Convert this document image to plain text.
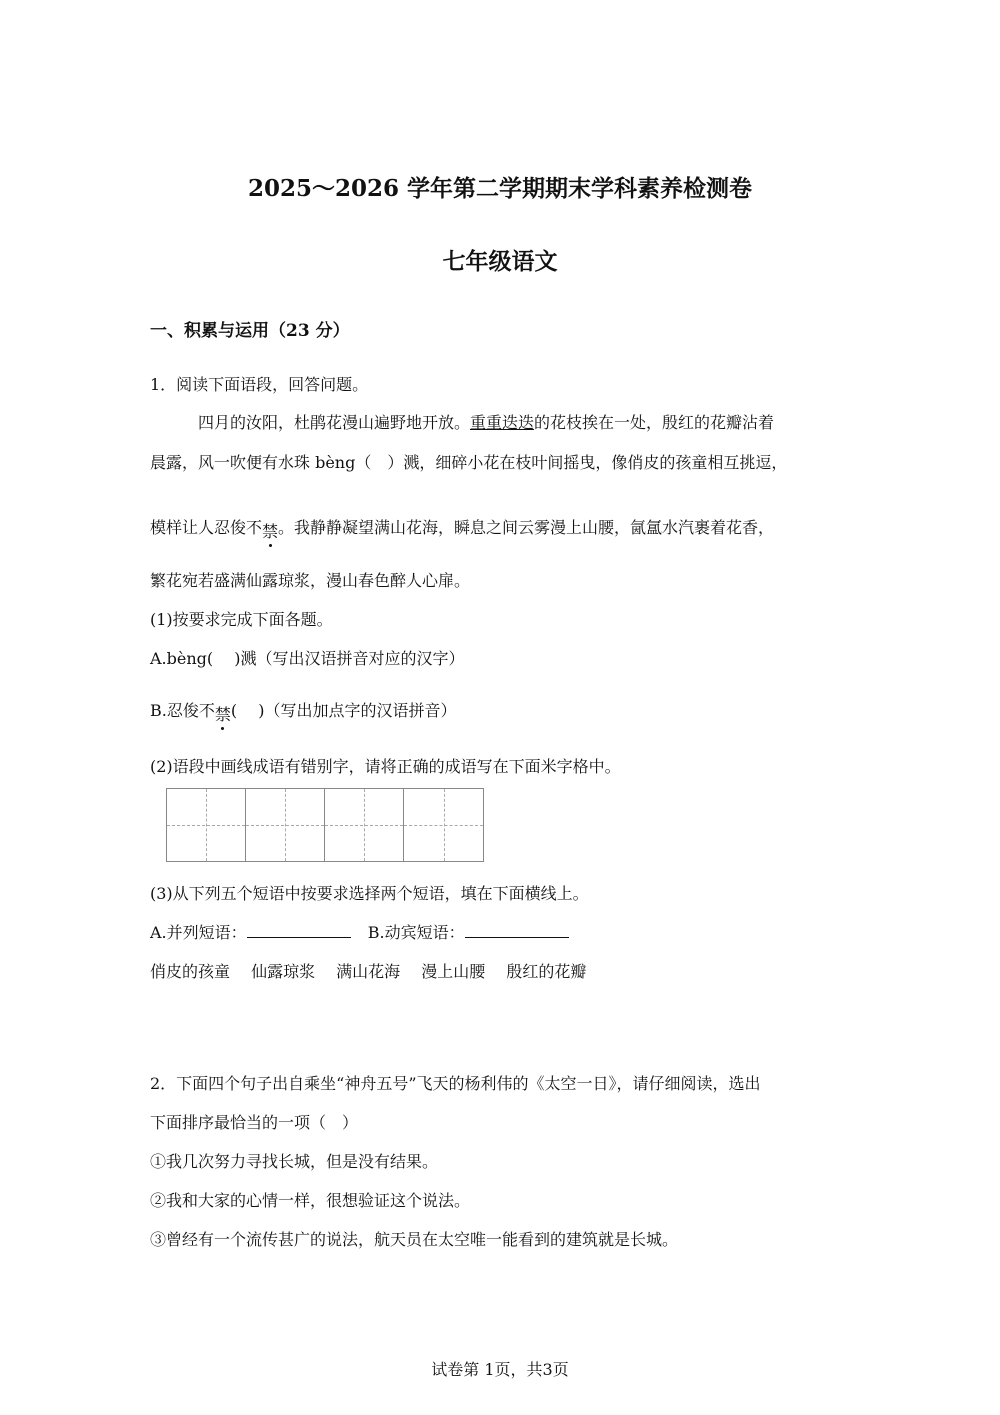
2025～2026 学年第二学期期末学科素养检测卷
七年级语文
一、积累与运用（23 分）
1．阅读下面语段，回答问题。
四月的汝阳，杜鹃花漫山遍野地开放。重重迭迭的花枝挨在一处，殷红的花瓣沾着
晨露，风一吹便有水珠 bèng（　）溅，细碎小花在枝叶间摇曳，像俏皮的孩童相互挑逗，
模样让人忍俊不禁。我静静凝望满山花海，瞬息之间云雾漫上山腰，氤氲水汽裹着花香，
繁花宛若盛满仙露琼浆，漫山春色醉人心扉。
(1)按要求完成下面各题。
A.bèng(　 )溅（写出汉语拼音对应的汉字）
B.忍俊不禁(　 )（写出加点字的汉语拼音）
(2)语段中画线成语有错别字，请将正确的成语写在下面米字格中。
(3)从下列五个短语中按要求选择两个短语，填在下面横线上。
A.并列短语：	B.动宾短语：
俏皮的孩童　 仙露琼浆　 满山花海　 漫上山腰　 殷红的花瓣
2．下面四个句子出自乘坐“神舟五号”飞天的杨利伟的《太空一日》，请仔细阅读，选出
下面排序最恰当的一项（　）
①我几次努力寻找长城，但是没有结果。
②我和大家的心情一样，很想验证这个说法。
③曾经有一个流传甚广的说法，航天员在太空唯一能看到的建筑就是长城。
试卷第 1页，共3页
